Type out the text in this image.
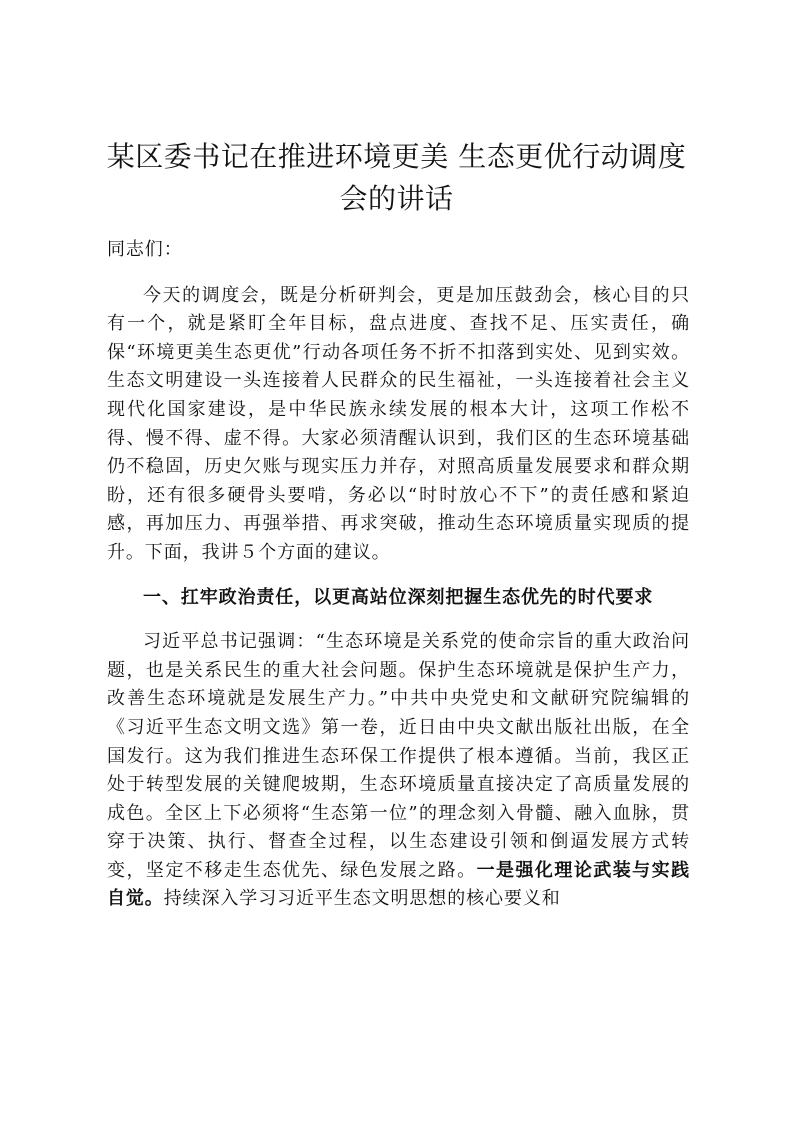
某区委书记在推进环境更美 生态更优行动调度会的讲话

同志们：

今天的调度会，既是分析研判会，更是加压鼓劲会，核心目的只有一个，就是紧盯全年目标，盘点进度、查找不足、压实责任，确保“环境更美生态更优”行动各项任务不折不扣落到实处、见到实效。生态文明建设一头连接着人民群众的民生福祉，一头连接着社会主义现代化国家建设，是中华民族永续发展的根本大计，这项工作松不得、慢不得、虚不得。大家必须清醒认识到，我们区的生态环境基础仍不稳固，历史欠账与现实压力并存，对照高质量发展要求和群众期盼，还有很多硬骨头要啃，务必以“时时放心不下”的责任感和紧迫感，再加压力、再强举措、再求突破，推动生态环境质量实现质的提升。下面，我讲５个方面的建议。

一、扛牢政治责任，以更高站位深刻把握生态优先的时代要求

习近平总书记强调：“生态环境是关系党的使命宗旨的重大政治问题，也是关系民生的重大社会问题。保护生态环境就是保护生产力，改善生态环境就是发展生产力。”中共中央党史和文献研究院编辑的《习近平生态文明文选》第一卷，近日由中央文献出版社出版，在全国发行。这为我们推进生态环保工作提供了根本遵循。当前，我区正处于转型发展的关键爬坡期，生态环境质量直接决定了高质量发展的成色。全区上下必须将“生态第一位”的理念刻入骨髓、融入血脉，贯穿于决策、执行、督查全过程，以生态建设引领和倒逼发展方式转变，坚定不移走生态优先、绿色发展之路。一是强化理论武装与实践自觉。持续深入学习习近平生态文明思想的核心要义和
